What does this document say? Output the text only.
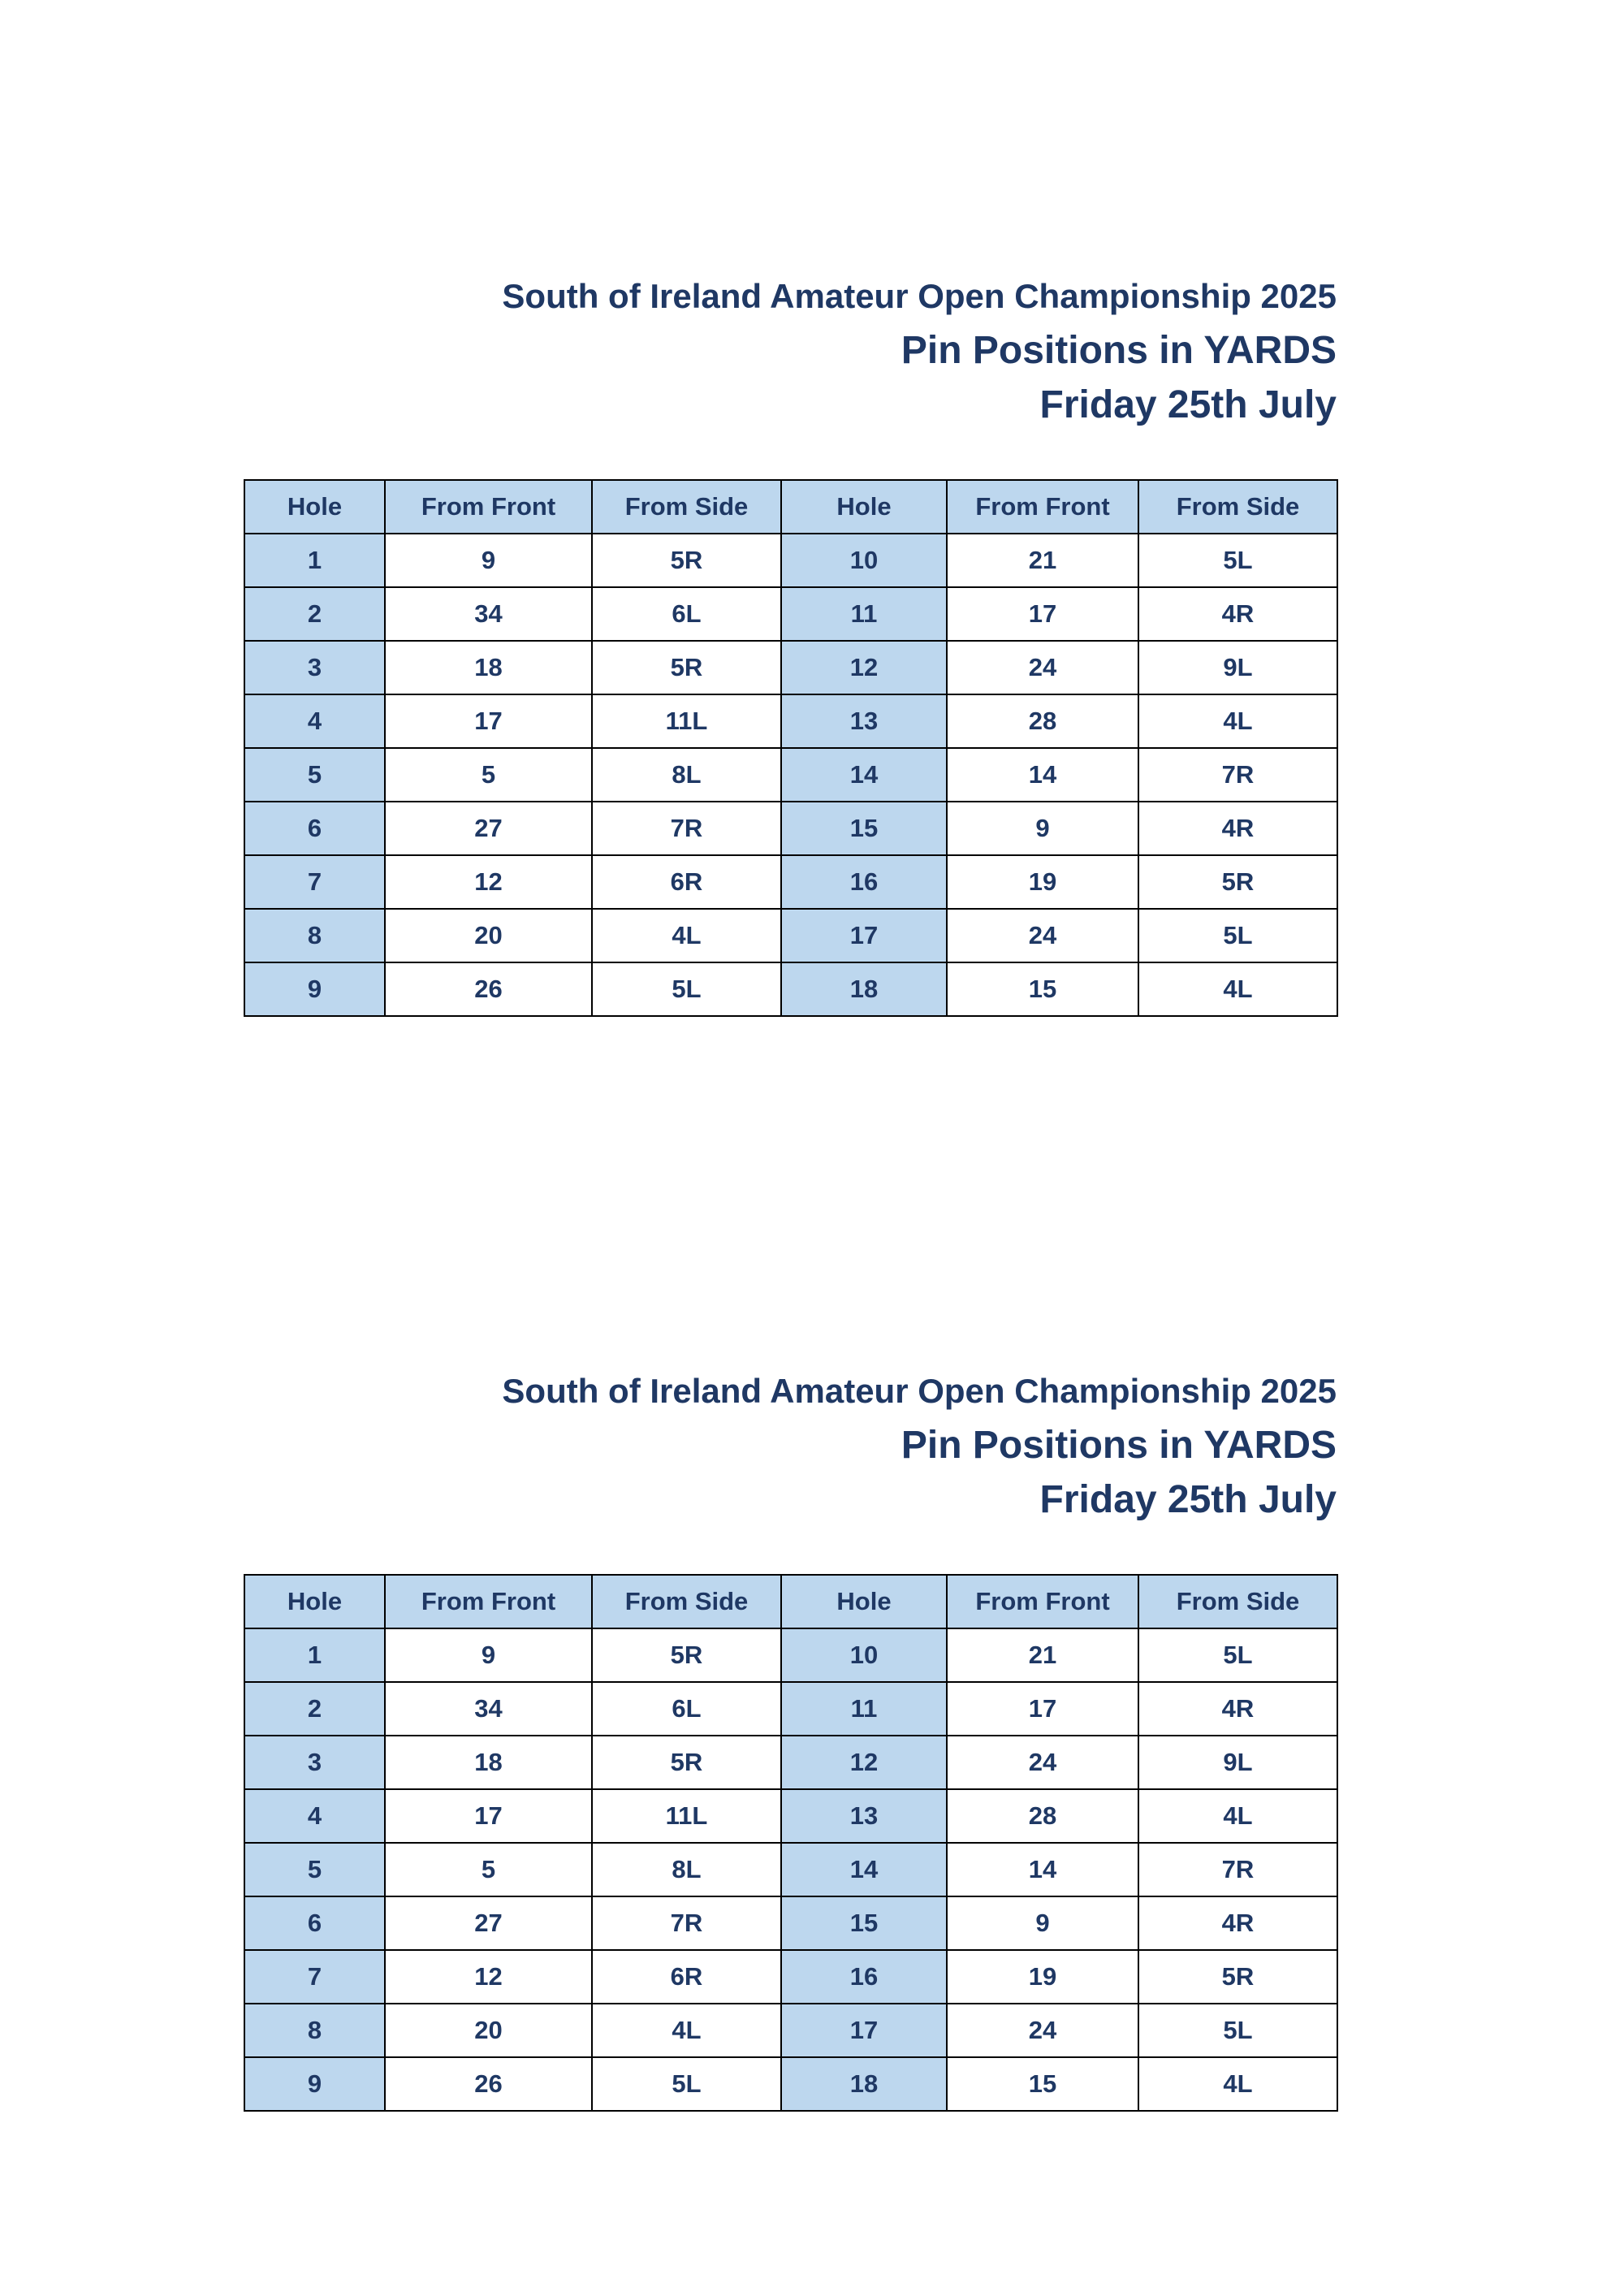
South of Ireland Amateur Open Championship 2025
Pin Positions in YARDS
Friday 25th July
Hole	From Front	From Side	Hole	From Front	From Side
1	9	5R	10	21	5L
2	34	6L	11	17	4R
3	18	5R	12	24	9L
4	17	11L	13	28	4L
5	5	8L	14	14	7R
6	27	7R	15	9	4R
7	12	6R	16	19	5R
8	20	4L	17	24	5L
9	26	5L	18	15	4L
South of Ireland Amateur Open Championship 2025
Pin Positions in YARDS
Friday 25th July
Hole	From Front	From Side	Hole	From Front	From Side
1	9	5R	10	21	5L
2	34	6L	11	17	4R
3	18	5R	12	24	9L
4	17	11L	13	28	4L
5	5	8L	14	14	7R
6	27	7R	15	9	4R
7	12	6R	16	19	5R
8	20	4L	17	24	5L
9	26	5L	18	15	4L
